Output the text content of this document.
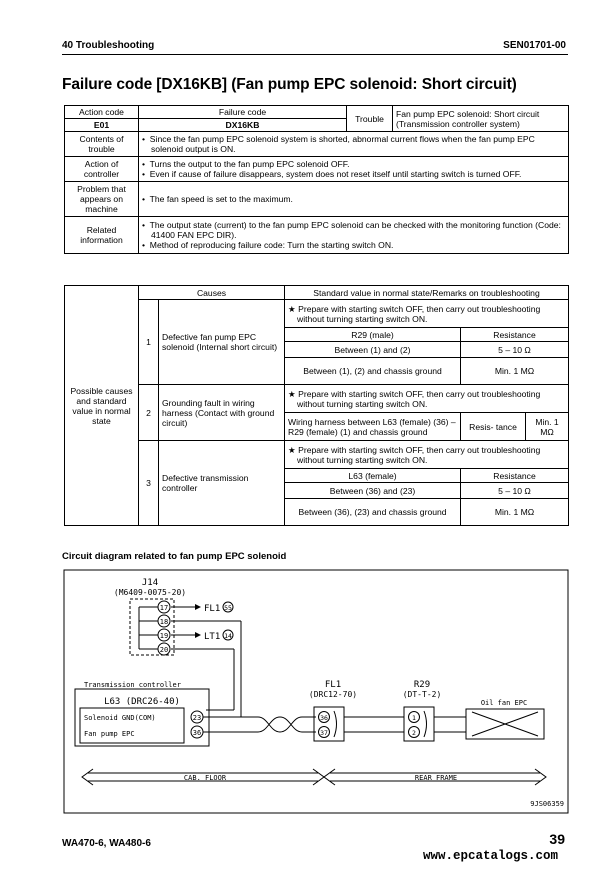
40 Troubleshooting	SEN01701-00
Failure code [DX16KB] (Fan pump EPC solenoid: Short circuit)
Action code	Failure code	Trouble	Fan pump EPC solenoid: Short circuit
(Transmission controller system)
E01	DX16KB		
Contents of trouble	•  Since the fan pump EPC solenoid system is shorted, abnormal current flows when the fan pump EPC solenoid output is ON.		

Action of controller	•  Turns the output to the fan pump EPC solenoid OFF.
•  Even if cause of failure disappears, system does not reset itself until starting switch is turned OFF.		

Problem that appears on machine	•  The fan speed is set to the maximum.		

Related information	•  The output state (current) to the fan pump EPC solenoid can be checked with the monitoring function (Code: 41400 FAN EPC DIR).
•  Method of reproducing failure code: Turn the starting switch ON.		
Possible causes and standard value in normal state	Causes		Standard value in normal state/Remarks on troubleshooting		
	1	Defective fan pump EPC solenoid (Internal short circuit)	★ Prepare with starting switch OFF, then carry out troubleshooting without turning starting switch ON.		

			R29 (male)	Resistance	
			Between (1) and (2)	5 – 10 Ω	
			Between (1), (2) and chassis ground	Min. 1 MΩ	
	2	Grounding fault in wiring harness (Contact with ground circuit)	★ Prepare with starting switch OFF, then carry out troubleshooting without turning starting switch ON.		

			Wiring harness between L63 (female) (36) – R29 (female) (1) and chassis ground	Resis- tance	Min. 1 MΩ
	3	Defective transmission controller	★ Prepare with starting switch OFF, then carry out troubleshooting without turning starting switch ON.		

			L63 (female)	Resistance	
			Between (36) and (23)	5 – 10 Ω	
			Between (36), (23) and chassis ground	Min. 1 MΩ	
Circuit diagram related to fan pump EPC solenoid
J14
(M6409-0075-20)
17
18
19
20
FL1 55
LT1 14
Transmission controller
L63 (DRC26-40)
Solenoid GND(COM)
Fan pump EPC
23
36
FL1
(DRC12-70)
36
37
R29
(DT-T-2)
1
2
Oil fan EPC
CAB. FLOOR	REAR FRAME
9JS06359
WA470-6, WA480-6	39
www.epcatalogs.com
